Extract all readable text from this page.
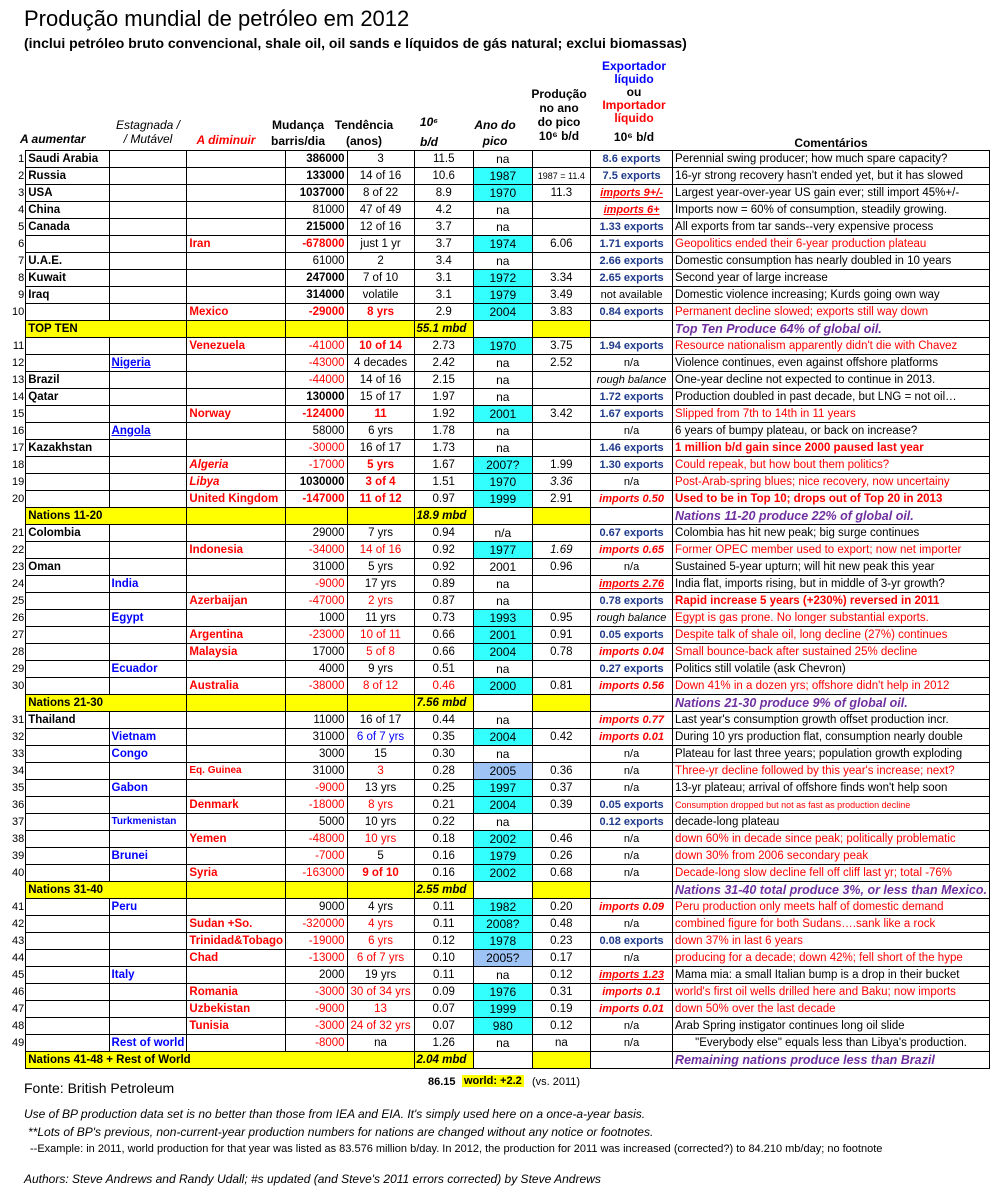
Produção mundial de petróleo em 2012
(inclui petróleo bruto convencional, shale oil, oil sands e líquidos de gás natural; exclui biomassas)
A aumentar
Estagnada /
/ Mutável	A diminuir
Mudança
barris/dia
Tendência
(anos)
10⁶
b/d
Ano do
pico
Produção
no ano
do pico
10⁶ b/d
Exportador
líquido
ou
Importador
líquido
10⁶ b/d	Comentários
1	Saudi Arabia			386000	3	11.5	na		8.6 exports	Perennial swing producer; how much spare capacity?
2	Russia			133000	14 of 16	10.6	1987	1987 = 11.4	7.5 exports	16-yr strong recovery hasn't ended yet, but it has slowed
3	USA			1037000	8 of 22	8.9	1970	11.3	imports 9+/-	Largest year-over-year US gain ever; still import 45%+/-
4	China			81000	47 of 49	4.2	na		imports 6+	Imports now = 60% of consumption, steadily growing.
5	Canada			215000	12 of 16	3.7	na		1.33 exports	All exports from tar sands--very expensive process
6			Iran	-678000	just 1 yr	3.7	1974	6.06	1.71 exports	Geopolitics ended their 6-year production plateau
7	U.A.E.			61000	2	3.4	na		2.66 exports	Domestic consumption has nearly doubled in 10 years
8	Kuwait			247000	7 of 10	3.1	1972	3.34	2.65 exports	Second year of large increase
9	Iraq			314000	volatile	3.1	1979	3.49	not available	Domestic violence increasing; Kurds going own way
10			Mexico	-29000	8 yrs	2.9	2004	3.83	0.84 exports	Permanent decline slowed; exports still way down
	TOP TEN					55.1 mbd				Top Ten Produce 64% of global oil.
11			Venezuela	-41000	10 of 14	2.73	1970	3.75	1.94 exports	Resource nationalism apparently didn't die with Chavez
12		Nigeria		-43000	4 decades	2.42	na	2.52	n/a	Violence continues, even against offshore platforms
13	Brazil			-44000	14 of 16	2.15	na		rough balance	One-year decline not expected to continue in 2013.
14	Qatar			130000	15 of 17	1.97	na		1.72 exports	Production doubled in past decade, but LNG = not oil…
15			Norway	-124000	11	1.92	2001	3.42	1.67 exports	Slipped from 7th to 14th in 11 years
16		Angola		58000	6 yrs	1.78	na		n/a	6 years of bumpy plateau, or back on increase?
17	Kazakhstan			-30000	16 of 17	1.73	na		1.46 exports	1 million b/d gain since 2000 paused last year
18			Algeria	-17000	5 yrs	1.67	2007?	1.99	1.30 exports	Could repeak, but how bout them politics?
19			Libya	1030000	3 of 4	1.51	1970	3.36	n/a	Post-Arab-spring blues; nice recovery, now uncertainy
20			United Kingdom	-147000	11 of 12	0.97	1999	2.91	imports 0.50	Used to be in Top 10; drops out of Top 20 in 2013
	Nations 11-20					18.9 mbd				Nations 11-20 produce 22% of global oil.
21	Colombia			29000	7 yrs	0.94	n/a		0.67 exports	Colombia has hit new peak; big surge continues
22			Indonesia	-34000	14 of 16	0.92	1977	1.69	imports 0.65	Former OPEC member used to export; now net importer
23	Oman			31000	5 yrs	0.92	2001	0.96	n/a	Sustained 5-year upturn; will hit new peak this year
24		India		-9000	17 yrs	0.89	na		imports 2.76	India flat, imports rising, but in middle of 3-yr growth?
25			Azerbaijan	-47000	2 yrs	0.87	na		0.78 exports	Rapid increase 5 years (+230%) reversed in 2011
26		Egypt		1000	11 yrs	0.73	1993	0.95	rough balance	Egypt is gas prone. No longer substantial exports.
27			Argentina	-23000	10 of 11	0.66	2001	0.91	0.05 exports	Despite talk of shale oil, long decline (27%) continues
28			Malaysia	17000	5 of 8	0.66	2004	0.78	imports 0.04	Small bounce-back after sustained 25% decline
29		Ecuador		4000	9 yrs	0.51	na		0.27 exports	Politics still volatile (ask Chevron)
30			Australia	-38000	8 of 12	0.46	2000	0.81	imports 0.56	Down 41% in a dozen yrs; offshore didn't help in 2012
	Nations 21-30					7.56 mbd				Nations 21-30 produce 9% of global oil.
31	Thailand			11000	16 of 17	0.44	na		imports 0.77	Last year's consumption growth offset production incr.
32		Vietnam		31000	6 of 7 yrs	0.35	2004	0.42	imports 0.01	During 10 yrs production flat, consumption nearly double
33		Congo		3000	15	0.30	na		n/a	Plateau for last three years; population growth exploding
34			Eq. Guinea	31000	3	0.28	2005	0.36	n/a	Three-yr decline followed by this year's increase; next?
35		Gabon		-9000	13 yrs	0.25	1997	0.37	n/a	13-yr plateau; arrival of offshore finds won't help soon
36			Denmark	-18000	8 yrs	0.21	2004	0.39	0.05 exports	Consumption dropped but not as fast as production decline
37		Turkmenistan		5000	10 yrs	0.22	na		0.12 exports	decade-long plateau
38			Yemen	-48000	10 yrs	0.18	2002	0.46	n/a	down 60% in decade since peak; politically problematic
39		Brunei		-7000	5	0.16	1979	0.26	n/a	down 30% from 2006 secondary peak
40			Syria	-163000	9 of 10	0.16	2002	0.68	n/a	Decade-long slow decline fell off cliff last yr; total -76%
	Nations 31-40					2.55 mbd				Nations 31-40 total produce 3%, or less than Mexico.
41		Peru		9000	4 yrs	0.11	1982	0.20	imports 0.09	Peru production only meets half of domestic demand
42			Sudan +So.	-320000	4 yrs	0.11	2008?	0.48	n/a	combined figure for both Sudans….sank like a rock
43			Trinidad&Tobago	-19000	6 yrs	0.12	1978	0.23	0.08 exports	down 37% in last 6 years
44			Chad	-13000	6 of 7 yrs	0.10	2005?	0.17	n/a	producing for a decade; down 42%; fell short of the hype
45		Italy		2000	19 yrs	0.11	na	0.12	imports 1.23	Mama mia: a small Italian bump is a drop in their bucket
46			Romania	-3000	30 of 34 yrs	0.09	1976	0.31	imports 0.1	world's first oil wells drilled here and Baku; now imports
47			Uzbekistan	-9000	13	0.07	1999	0.19	imports 0.01	down 50% over the last decade
48			Tunisia	-3000	24 of 32 yrs	0.07	980	0.12	n/a	Arab Spring instigator continues long oil slide
49		Rest of world		-8000	na	1.26	na	na	n/a	"Everybody else" equals less than Libya's production.
	Nations 41-48 + Rest of World					2.04 mbd				Remaining nations produce less than Brazil
Fonte: British Petroleum	86.15 world: +2.2 (vs. 2011)
Use of BP production data set is no better than those from IEA and EIA. It's simply used here on a once-a-year basis.
**Lots of BP's previous, non-current-year production numbers for nations are changed without any notice or footnotes.
--Example: in 2011, world production for that year was listed as 83.576 million b/day. In 2012, the production for 2011 was increased (corrected?) to 84.210 mb/day; no footnote
Authors: Steve Andrews and Randy Udall; #s updated (and Steve's 2011 errors corrected) by Steve Andrews
